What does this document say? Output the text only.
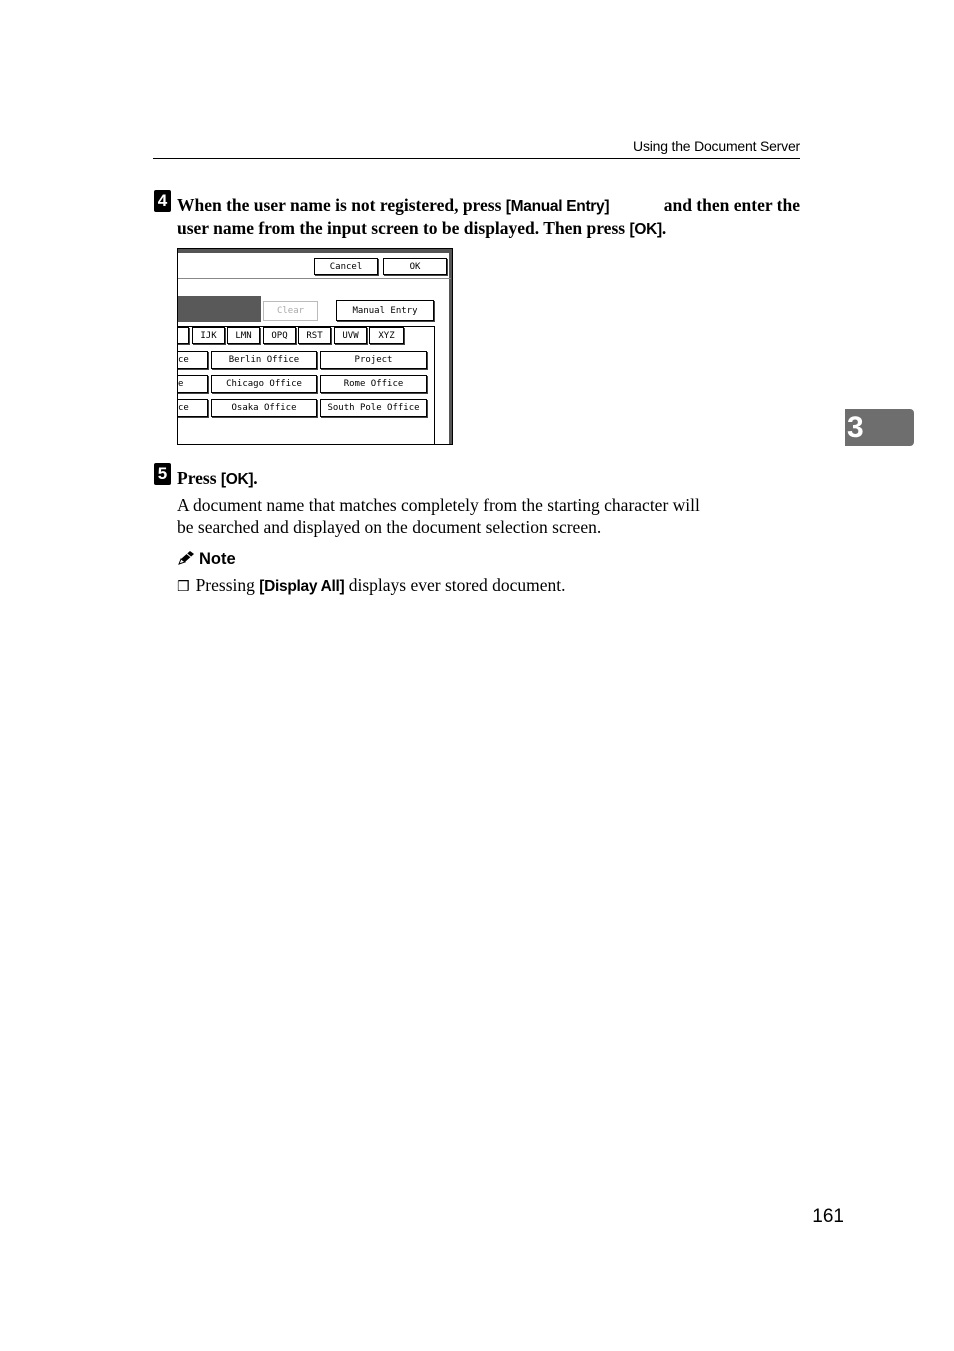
Using the Document Server
4 When the user name is not registered, press [Manual Entry]	and then enter the
user name from the input screen to be displayed. Then press [OK].
Cancel	OK
Clear	Manual Entry
IJK	LMN	OPQ	RST	UVW	XYZ
ce	Berlin Office	Project
e	Chicago Office	Rome Office
ce	Osaka Office	South Pole Office
5 Press [OK].
A document name that matches completely from the starting character will
be searched and displayed on the document selection screen.
Note
❒ Pressing [Display All] displays ever stored document.
3
161
